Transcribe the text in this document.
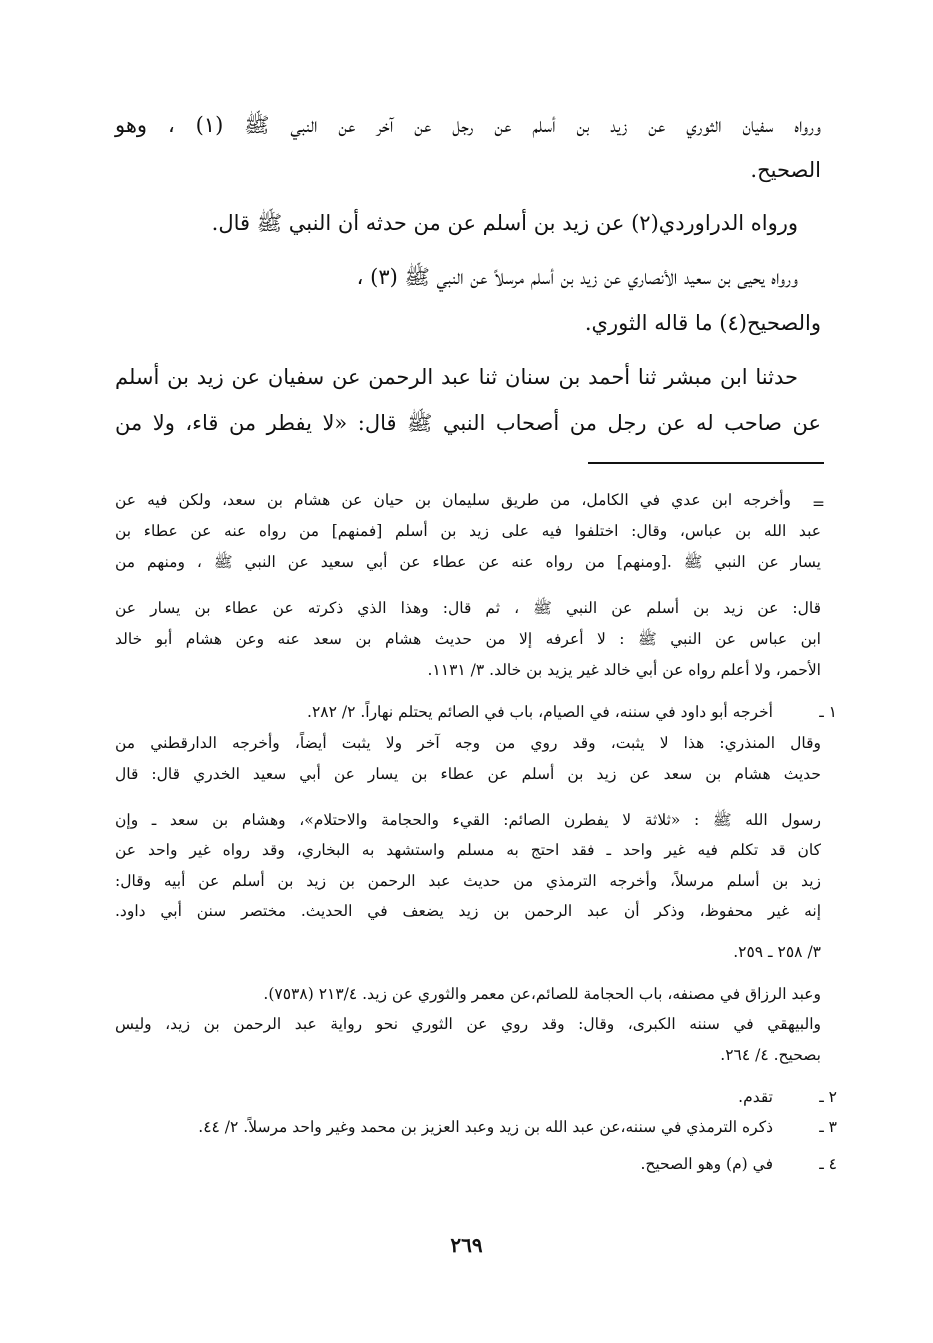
ورواه سفيان الثوري عن زيد بن أسلم عن رجل عن آخر عن النبي ﷺ (١) ، وهو
الصحيح.
ورواه الدراوردي(٢) عن زيد بن أسلم عن من حدثه أن النبي ﷺ قال.
ورواه يحيى بن سعيد الأنصاري عن زيد بن أسلم مرسلاً عن النبي ﷺ (٣) ،
والصحيح(٤) ما قاله الثوري.
حدثنا ابن مبشر ثنا أحمد بن سنان ثنا عبد الرحمن عن سفيان عن زيد بن أسلم
عن صاحب له عن رجل من أصحاب النبي ﷺ قال: «لا يفطر من قاء، ولا من
=
وأخرجه ابن عدي في الكامل، من طريق سليمان بن حيان عن هشام بن سعد، ولكن فيه عن
عبد الله بن عباس، وقال: اختلفوا فيه على زيد بن أسلم [فمنهم] من رواه عنه عن عطاء بن
يسار عن النبي ﷺ .[ومنهم] من رواه عنه عن عطاء عن أبي سعيد عن النبي ﷺ ، ومنهم من
قال: عن زيد بن أسلم عن النبي ﷺ ، ثم قال: وهذا الذي ذكرته عن عطاء بن يسار عن
ابن عباس عن النبي ﷺ : لا أعرفه إلا من حديث هشام بن سعد عنه وعن هشام أبو خالد
الأحمر، ولا أعلم رواه عن أبي خالد غير يزيد بن خالد. ٣/ ١١٣١.
١ ـ
أخرجه أبو داود في سننه، في الصيام، باب في الصائم يحتلم نهاراً. ٢/ ٢٨٢.
وقال المنذري: هذا لا يثبت، وقد روي من وجه آخر ولا يثبت أيضاً، وأخرجه الدارقطني من
حديث هشام بن سعد عن زيد بن أسلم عن عطاء بن يسار عن أبي سعيد الخدري قال: قال
رسول الله ﷺ : «ثلاثة لا يفطرن الصائم: القيء والحجامة والاحتلام»، وهشام بن سعد ـ وإن
كان قد تكلم فيه غير واحد ـ فقد احتج به مسلم واستشهد به البخاري، وقد رواه غير واحد عن
زيد بن أسلم مرسلاً، وأخرجه الترمذي من حديث عبد الرحمن بن زيد بن أسلم عن أبيه وقال:
إنه غير محفوظ، وذكر أن عبد الرحمن بن زيد يضعف في الحديث. مختصر سنن أبي داود.
٣/ ٢٥٨ ـ ٢٥٩.
وعبد الرزاق في مصنفه، باب الحجامة للصائم،عن معمر والثوري عن زيد. ٢١٣/٤ (٧٥٣٨).
والبيهقي في سننه الكبرى، وقال: وقد روي عن الثوري نحو رواية عبد الرحمن بن زيد، وليس
بصحيح. ٤/ ٢٦٤.
٢ ـ
تقدم.
٣ ـ
ذكره الترمذي في سننه،عن عبد الله بن زيد وعبد العزيز بن محمد وغير واحد مرسلاً. ٢/ ٤٤.
٤ ـ
في (م) وهو الصحيح.
٢٦٩
